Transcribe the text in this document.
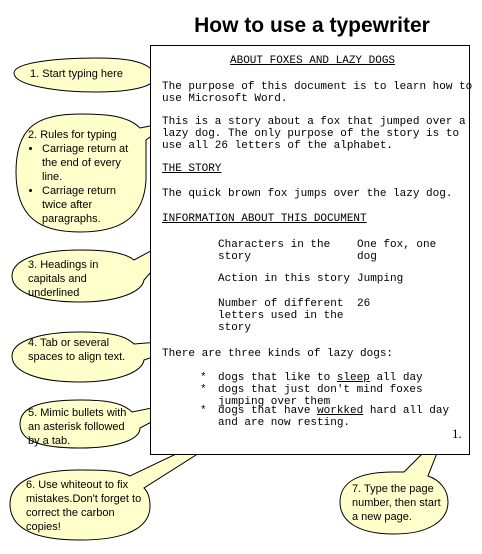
How to use a typewriter
ABOUT FOXES AND LAZY DOGS
The purpose of this document is to learn how to
use Microsoft Word.
This is a story about a fox that jumped over a
lazy dog. The only purpose of the story is to
use all 26 letters of the alphabet.
THE STORY
The quick brown fox jumps over the lazy dog.
INFORMATION ABOUT THIS DOCUMENT
Characters in the
story
One fox, one
dog
Action in this story Jumping
Number of different
letters used in the
story
26
There are three kinds of lazy dogs:
* dogs that like to sleep all day
* dogs that just don't mind foxes
jumping over them
* dogs that have workked hard all day
and are now resting.
1.
1. Start typing here
2. Rules for typing
• Carriage return at the end of every line.
• Carriage return twice after paragraphs.
3. Headings in capitals and underlined
4. Tab or several spaces to align text.
5. Mimic bullets with an asterisk followed by a tab.
6. Use whiteout to fix mistakes.Don't forget to correct the carbon copies!
7. Type the page number, then start a new page.
